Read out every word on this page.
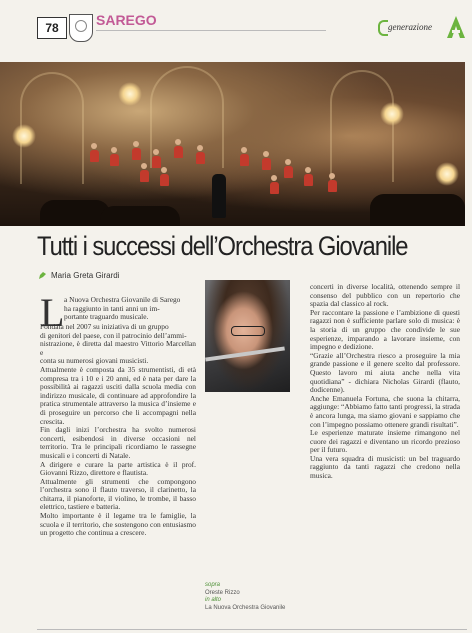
78	SAREGO	generazione
Tutti i successi dell’Orchestra Giovanile
Maria Greta Girardi
L a Nuova Orchestra Giovanile di Sarego

ha raggiunto in tanti anni un im-

portante traguardo musicale.

Fondata nel 2007 su iniziativa di un gruppo

di genitori del paese, con il patrocinio dell’ammi-

nistrazione, è diretta dal maestro Vittorio Marcellan e

conta su numerosi giovani musicisti.

Attualmente è composta da 35 strumentisti, di età compresa tra i 10 e i 20 anni, ed è nata per dare la possibilità ai ragazzi usciti dalla scuola media con indirizzo musicale, di continuare ad approfondire la pratica strumentale attraverso la musica d’insieme e di proseguire un percorso che li accompagni nella crescita.

Fin dagli inizi l’orchestra ha svolto numerosi concerti, esibendosi in diverse occasioni nel territorio. Tra le principali ricordiamo le rassegne musicali e i concerti di Natale.

A dirigere e curare la parte artistica è il prof. Giovanni Rizzo, direttore e flautista.

Attualmente gli strumenti che compongono l’orchestra sono il flauto traverso, il clarinetto, la chitarra, il pianoforte, il violino, le trombe, il basso elettrico, tastiere e batteria.

Molto importante è il legame tra le famiglie, la scuola e il territorio, che sostengono con entusiasmo un progetto che continua a crescere.

concerti in diverse località, ottenendo sempre il consenso del pubblico con un repertorio che spazia dal classico al rock.

Per raccontare la passione e l’ambizione di questi ragazzi non è sufficiente parlare solo di musica: è la storia di un gruppo che condivide le sue esperienze, imparando a lavorare insieme, con impegno e dedizione.

“Grazie all’Orchestra riesco a proseguire la mia grande passione e il genere scelto dal professore. Questo lavoro mi aiuta anche nella vita quotidiana” - dichiara Nicholas Girardi (flauto, dodicenne).

Anche Emanuela Fortuna, che suona la chitarra, aggiunge: “Abbiamo fatto tanti progressi, la strada è ancora lunga, ma siamo giovani e sappiamo che con l’impegno possiamo ottenere grandi risultati”.

Le esperienze maturate insieme rimangono nel cuore dei ragazzi e diventano un ricordo prezioso per il futuro.

Una vera squadra di musicisti: un bel traguardo raggiunto da tanti ragazzi che credono nella musica.

sopra
Oreste Rizzo
in alto
La Nuova Orchestra Giovanile
